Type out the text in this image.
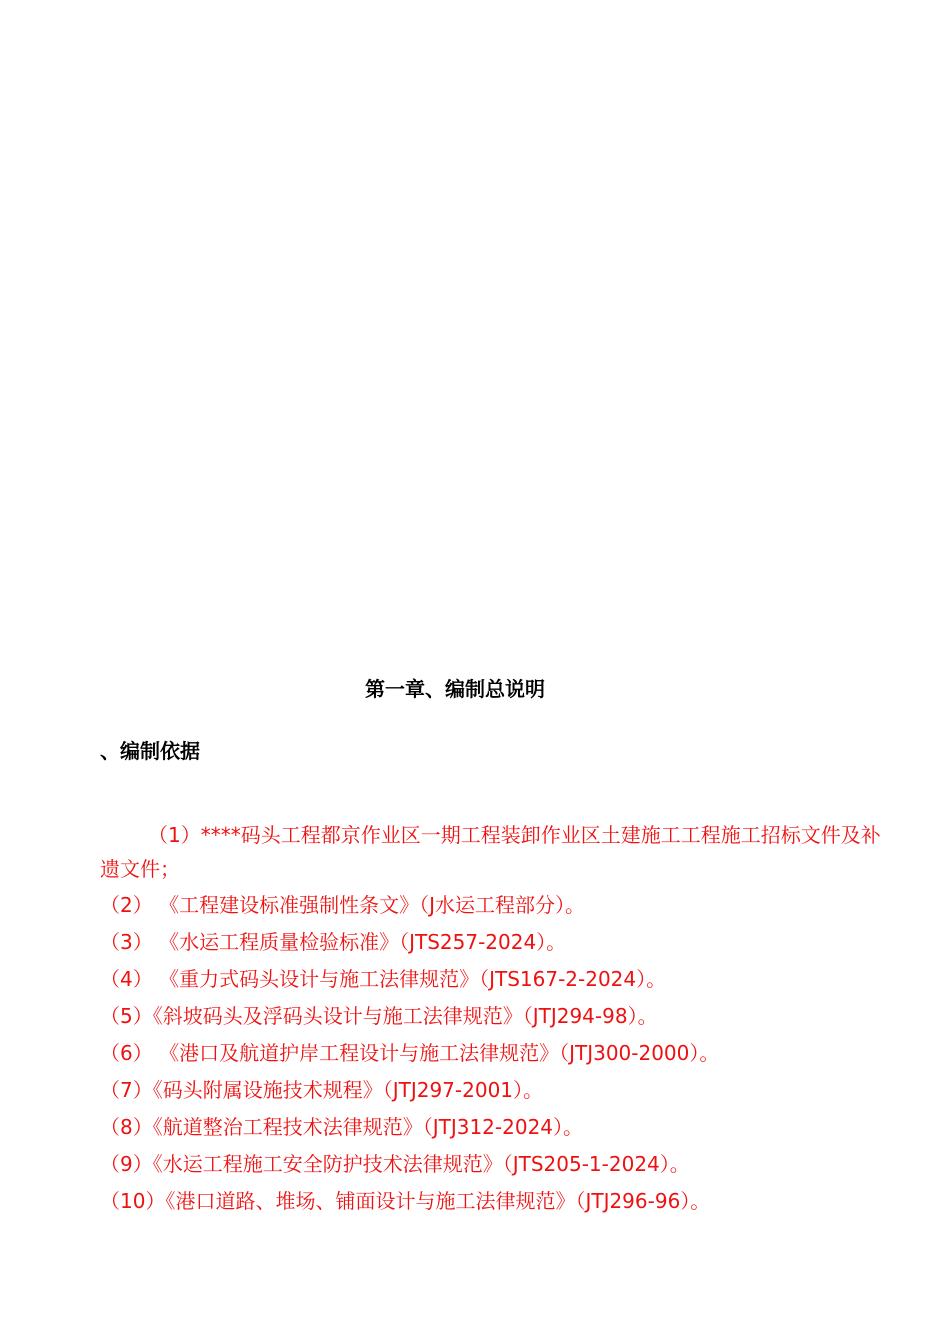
第一章、编制总说明
、编制依据

（1）****码头工程都京作业区一期工程装卸作业区土建施工工程施工招标文件及补遗文件；

（2） 《工程建设标准强制性条文》（J水运工程部分）。

（3） 《水运工程质量检验标准》（JTS257-2024）。

（4） 《重力式码头设计与施工法律规范》（JTS167-2-2024）。

（5）《斜坡码头及浮码头设计与施工法律规范》（JTJ294-98）。

（6） 《港口及航道护岸工程设计与施工法律规范》（JTJ300-2000）。

（7）《码头附属设施技术规程》（JTJ297-2001）。

（8）《航道整治工程技术法律规范》（JTJ312-2024）。

（9）《水运工程施工安全防护技术法律规范》（JTS205-1-2024）。

（10）《港口道路、堆场、铺面设计与施工法律规范》（JTJ296-96）。
